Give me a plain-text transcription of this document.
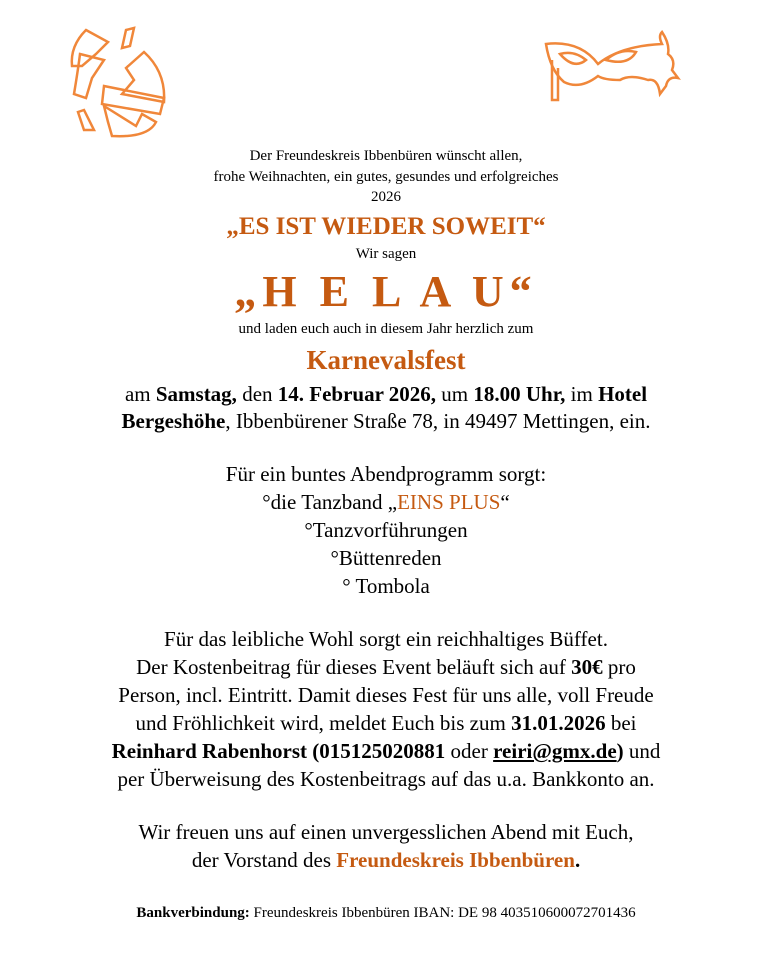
Der Freundeskreis Ibbenbüren wünscht allen,
frohe Weihnachten, ein gutes, gesundes und erfolgreiches
2026
„ES IST WIEDER SOWEIT“
Wir sagen
„H E L A U“
und laden euch auch in diesem Jahr herzlich zum
Karnevalsfest
am Samstag, den 14. Februar 2026, um 18.00 Uhr, im Hotel
Bergeshöhe, Ibbenbürener Straße 78, in 49497 Mettingen, ein.
Für ein buntes Abendprogramm sorgt:
°die Tanzband „EINS PLUS“
°Tanzvorführungen
°Büttenreden
° Tombola
Für das leibliche Wohl sorgt ein reichhaltiges Büffet.
Der Kostenbeitrag für dieses Event beläuft sich auf 30€ pro
Person, incl. Eintritt. Damit dieses Fest für uns alle, voll Freude
und Fröhlichkeit wird, meldet Euch bis zum 31.01.2026 bei
Reinhard Rabenhorst (015125020881 oder reiri@gmx.de) und
per Überweisung des Kostenbeitrags auf das u.a. Bankkonto an.
Wir freuen uns auf einen unvergesslichen Abend mit Euch,
der Vorstand des Freundeskreis Ibbenbüren.
Bankverbindung: Freundeskreis Ibbenbüren IBAN: DE 98 403510600072701436
